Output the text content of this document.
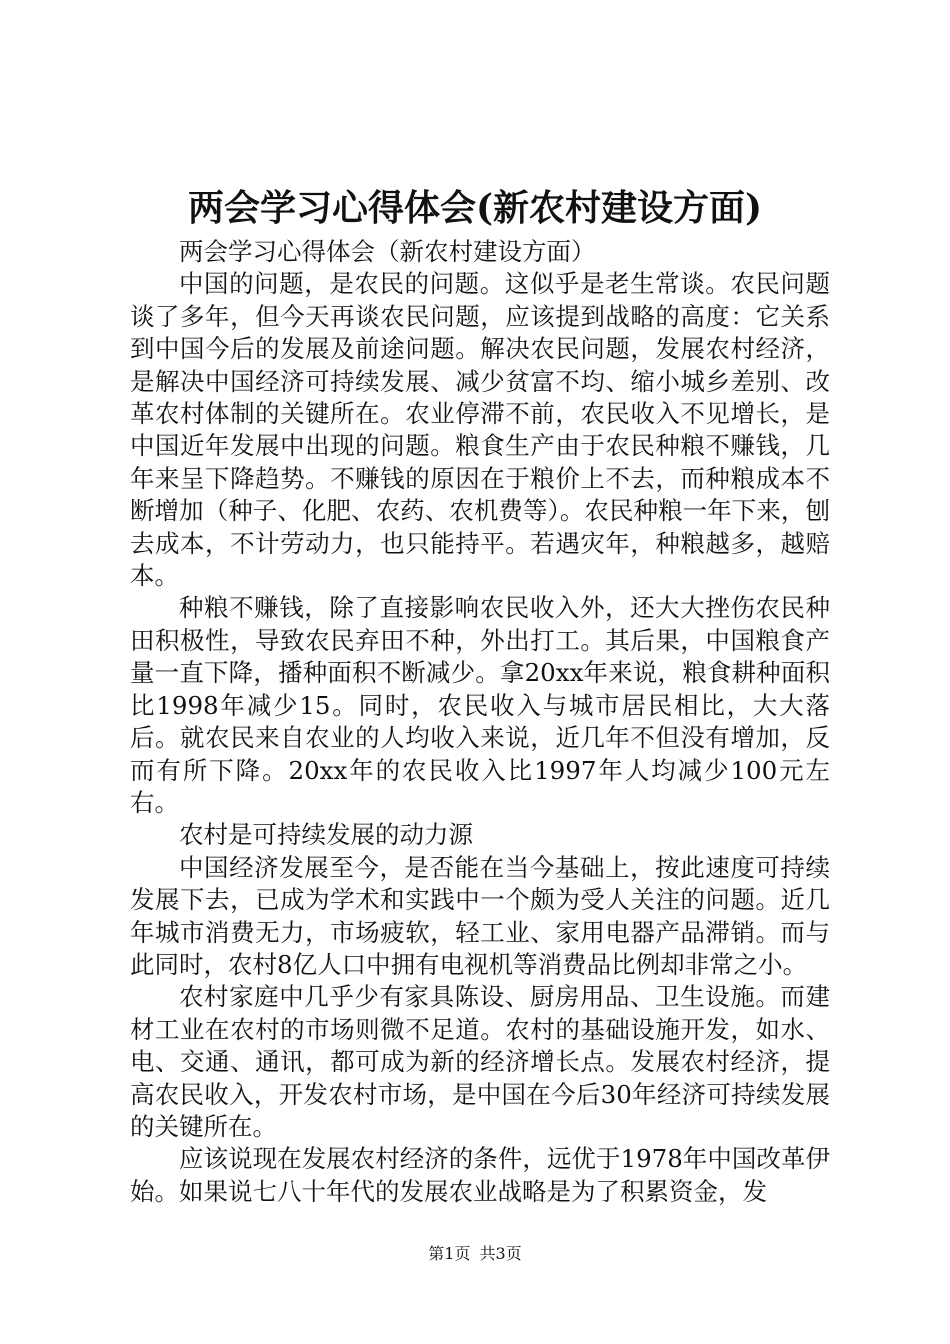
两会学习心得体会(新农村建设方面)

两会学习心得体会（新农村建设方面）

中国的问题，是农民的问题。这似乎是老生常谈。农民问题谈了多年，但今天再谈农民问题，应该提到战略的高度：它关系到中国今后的发展及前途问题。解决农民问题，发展农村经济，是解决中国经济可持续发展、减少贫富不均、缩小城乡差别、改革农村体制的关键所在。农业停滞不前，农民收入不见增长，是中国近年发展中出现的问题。粮食生产由于农民种粮不赚钱，几年来呈下降趋势。不赚钱的原因在于粮价上不去，而种粮成本不断增加（种子、化肥、农药、农机费等）。农民种粮一年下来，刨去成本，不计劳动力，也只能持平。若遇灾年，种粮越多，越赔本。

种粮不赚钱，除了直接影响农民收入外，还大大挫伤农民种田积极性，导致农民弃田不种，外出打工。其后果，中国粮食产量一直下降，播种面积不断减少。拿20xx年来说，粮食耕种面积比1998年减少15。同时，农民收入与城市居民相比，大大落后。就农民来自农业的人均收入来说，近几年不但没有增加，反而有所下降。20xx年的农民收入比1997年人均减少100元左右。

农村是可持续发展的动力源

中国经济发展至今，是否能在当今基础上，按此速度可持续发展下去，已成为学术和实践中一个颇为受人关注的问题。近几年城市消费无力，市场疲软，轻工业、家用电器产品滞销。而与此同时，农村8亿人口中拥有电视机等消费品比例却非常之小。

农村家庭中几乎少有家具陈设、厨房用品、卫生设施。而建材工业在农村的市场则微不足道。农村的基础设施开发，如水、电、交通、通讯，都可成为新的经济增长点。发展农村经济，提高农民收入，开发农村市场，是中国在今后30年经济可持续发展的关键所在。

应该说现在发展农村经济的条件，远优于1978年中国改革伊始。如果说七八十年代的发展农业战略是为了积累资金，发

第1页 共3页
